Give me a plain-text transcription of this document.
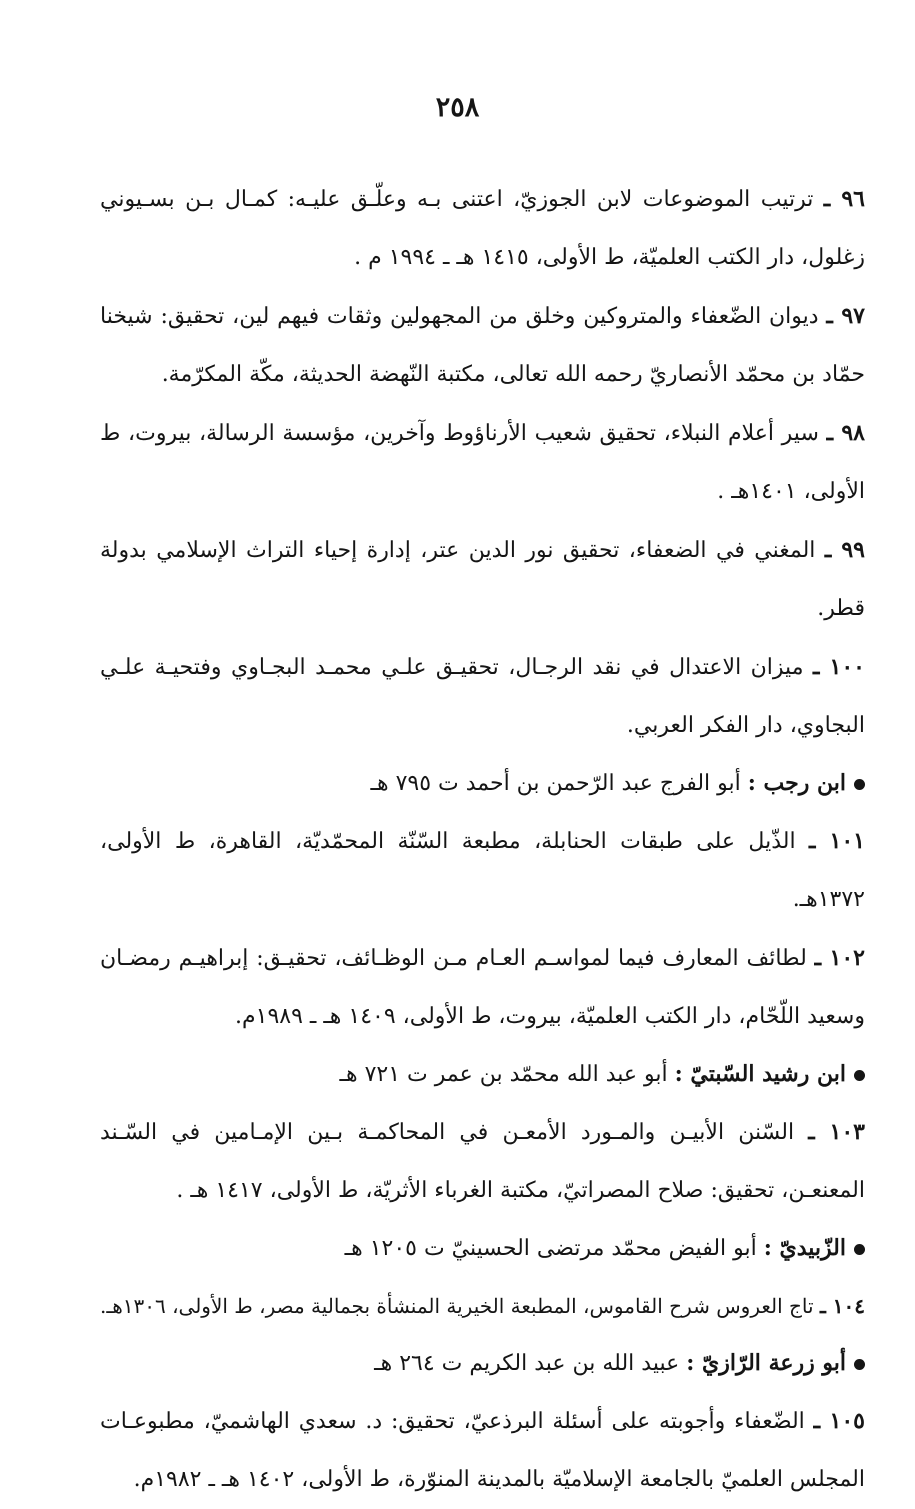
٢٥٨

٩٦ ـ ترتيب الموضوعات لابن الجوزيّ، اعتنى بـه وعلّـق عليـه: كمـال بـن بسـيوني زغلول، دار الكتب العلميّة، ط الأولى، ١٤١٥ هـ ـ ١٩٩٤ م .

٩٧ ـ ديوان الضّعفاء والمتروكين وخلق من المجهولين وثقات فيهم لين، تحقيق: شيخنا حمّاد بن محمّد الأنصاريّ رحمه الله تعالى، مكتبة النّهضة الحديثة، مكّة المكرّمة.

٩٨ ـ سير أعلام النبلاء، تحقيق شعيب الأرناؤوط وآخرين، مؤسسة الرسالة، بيروت، ط الأولى، ١٤٠١هـ .

٩٩ ـ المغني في الضعفاء، تحقيق نور الدين عتر، إدارة إحياء التراث الإسلامي بدولة قطر.

١٠٠ ـ ميزان الاعتدال في نقد الرجـال، تحقيـق علـي محمـد البجـاوي وفتحيـة علـي البجاوي، دار الفكر العربي.

ابن رجب : أبو الفرج عبد الرّحمن بن أحمد ت ٧٩٥ هـ

١٠١ ـ الذّيل على طبقات الحنابلة، مطبعة السّنّة المحمّديّة، القاهرة، ط الأولى، ١٣٧٢هـ.

١٠٢ ـ لطائف المعارف فيما لمواسـم العـام مـن الوظـائف، تحقيـق: إبراهيـم رمضـان وسعيد اللّحّام، دار الكتب العلميّة، بيروت، ط الأولى، ١٤٠٩ هـ ـ ١٩٨٩م.

ابن رشيد السّبتيّ : أبو عبد الله محمّد بن عمر ت ٧٢١ هـ

١٠٣ ـ السّنن الأبيـن والمـورد الأمعـن في المحاكمـة بـين الإمـامين في السّـند المعنعـن، تحقيق: صلاح المصراتيّ، مكتبة الغرباء الأثريّة، ط الأولى، ١٤١٧ هـ .

الزّبيديّ : أبو الفيض محمّد مرتضى الحسينيّ ت ١٢٠٥ هـ

١٠٤ ـ تاج العروس شرح القاموس، المطبعة الخيرية المنشأة بجمالية مصر، ط الأولى، ١٣٠٦هـ.

أبو زرعة الرّازيّ : عبيد الله بن عبد الكريم ت ٢٦٤ هـ

١٠٥ ـ الضّعفاء وأجوبته على أسئلة البرذعيّ، تحقيق: د. سعدي الهاشميّ، مطبوعـات المجلس العلميّ بالجامعة الإسلاميّة بالمدينة المنوّرة، ط الأولى، ١٤٠٢ هـ ـ ١٩٨٢م.
